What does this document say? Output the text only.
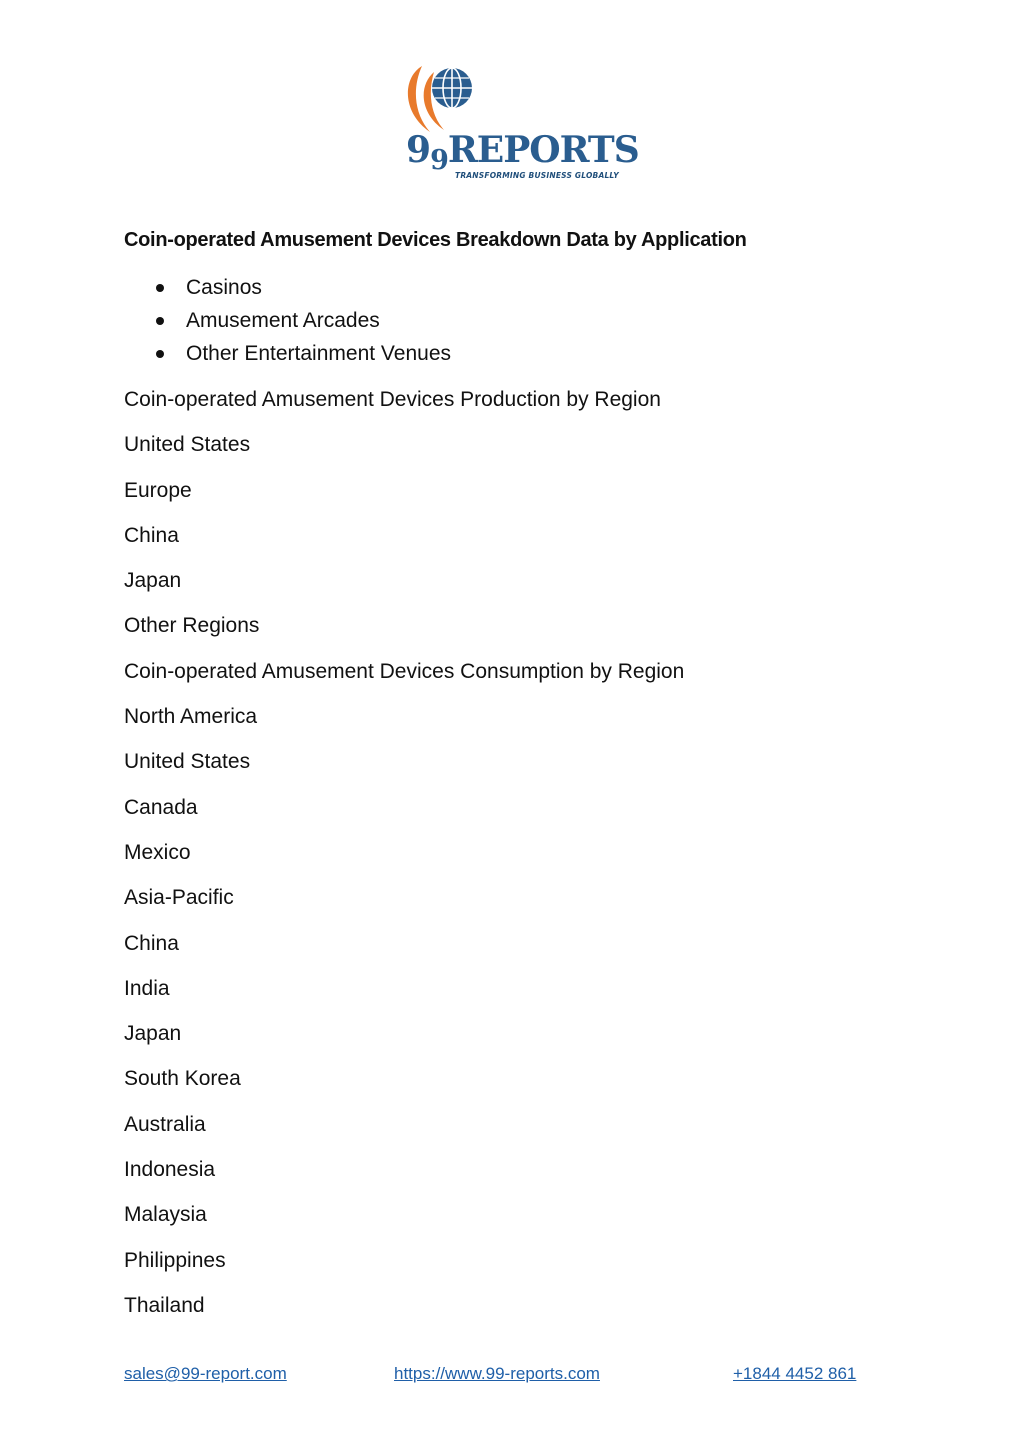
99REPORTS
TRANSFORMING BUSINESS GLOBALLY
Coin-operated Amusement Devices Breakdown Data by Application
Casinos
Amusement Arcades
Other Entertainment Venues
Coin-operated Amusement Devices Production by Region
United States
Europe
China
Japan
Other Regions
Coin-operated Amusement Devices Consumption by Region
North America
United States
Canada
Mexico
Asia-Pacific
China
India
Japan
South Korea
Australia
Indonesia
Malaysia
Philippines
Thailand
sales@99-report.com	https://www.99-reports.com	+1844 4452 861
